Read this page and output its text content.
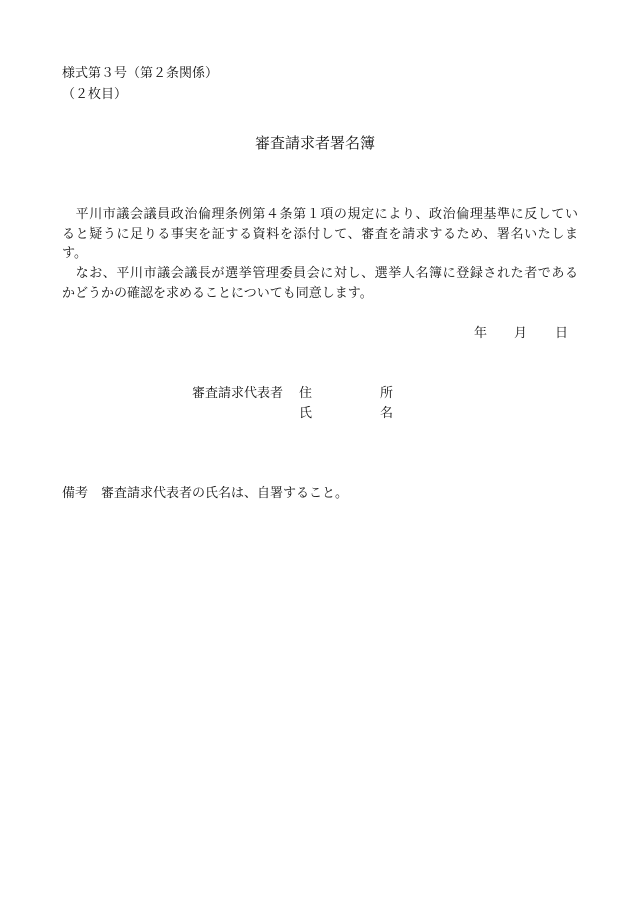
様式第３号（第２条関係）
（２枚目）
審査請求者署名簿
　平川市議会議員政治倫理条例第４条第１項の規定により、政治倫理基準に反してい
ると疑うに足りる事実を証する資料を添付して、審査を請求するため、署名いたしま
す。
　なお、平川市議会議長が選挙管理委員会に対し、選挙人名簿に登録された者である
かどうかの確認を求めることについても同意します。
年 月 日
審査請求代表者 住	所
氏	名
備考　審査請求代表者の氏名は、自署すること。
